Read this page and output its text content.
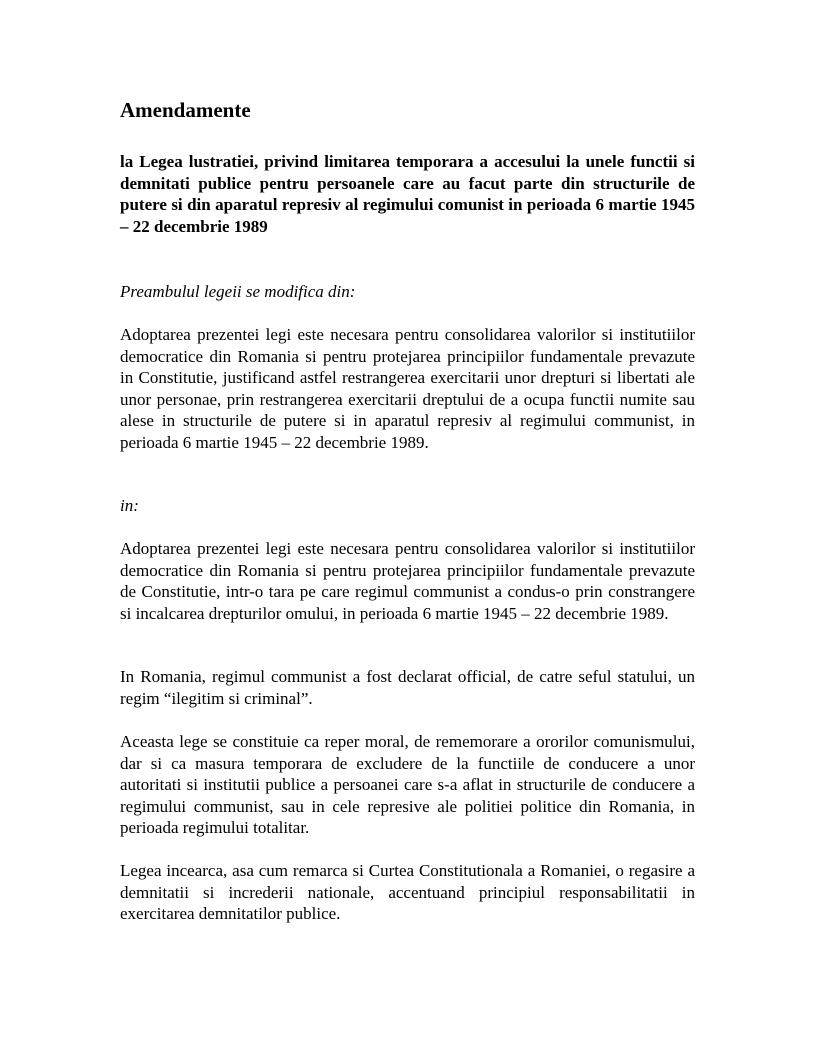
Amendamente

la Legea lustratiei, privind limitarea temporara a accesului la unele functii si demnitati publice pentru persoanele care au facut parte din structurile de putere si din aparatul represiv al regimului comunist in perioada 6 martie 1945 – 22 decembrie 1989

Preambulul legeii se modifica din:

Adoptarea prezentei legi este necesara pentru consolidarea valorilor si institutiilor democratice din Romania si pentru protejarea principiilor fundamentale prevazute in Constitutie, justificand astfel restrangerea exercitarii unor drepturi si libertati ale unor personae, prin restrangerea exercitarii dreptului de a ocupa functii numite sau alese in structurile de putere si in aparatul represiv al regimului communist, in perioada 6 martie 1945 – 22 decembrie 1989.

in:

Adoptarea prezentei legi este necesara pentru consolidarea valorilor si institutiilor democratice din Romania si pentru protejarea principiilor fundamentale prevazute de Constitutie, intr-o tara pe care regimul communist a condus-o prin constrangere si incalcarea drepturilor omului, in perioada 6 martie 1945 – 22 decembrie 1989.

In Romania, regimul communist a fost declarat official, de catre seful statului, un regim “ilegitim si criminal”.

Aceasta lege se constituie ca reper moral, de rememorare a ororilor comunismului, dar si ca masura temporara de excludere de la functiile de conducere a unor autoritati si institutii publice a persoanei care s-a aflat in structurile de conducere a regimului communist, sau in cele represive ale politiei politice din Romania, in perioada regimului totalitar.

Legea incearca, asa cum remarca si Curtea Constitutionala a Romaniei, o regasire a demnitatii si increderii nationale, accentuand principiul responsabilitatii in exercitarea demnitatilor publice.
